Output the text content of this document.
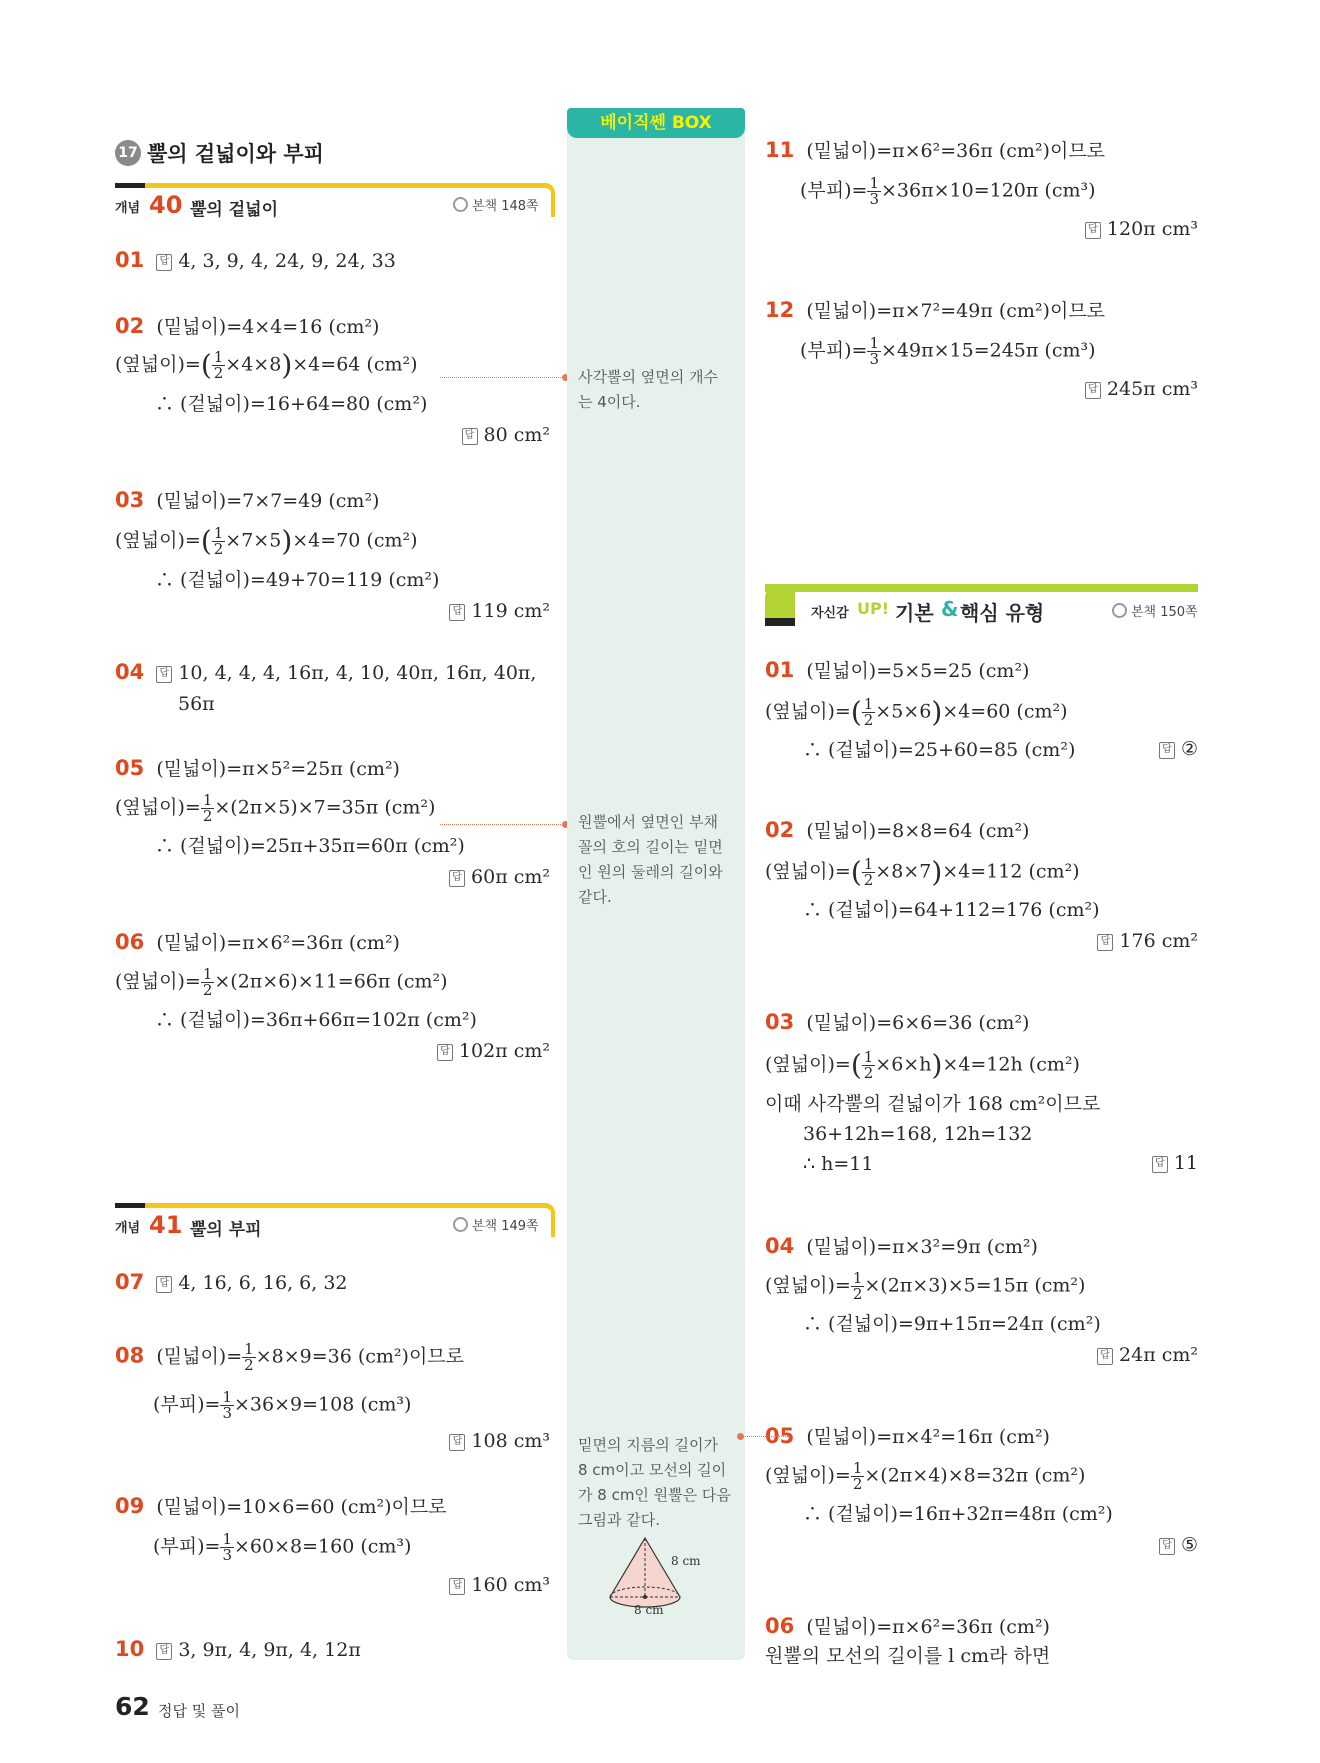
17 뿔의 겉넓이와 부피
개념 40 뿔의 겉넓이	본책 148쪽
01 답 4, 3, 9, 4, 24, 9, 24, 33
02 (밑넓이)=4×4=16 (cm²)
(옆넓이)=( $\frac{1}{2} \times 4\times 8)\times 4=64$ (cm²)
∴ (겉넓이)=16+64=80 (cm²)
답 80 cm²
03 (밑넓이)=7×7=49 (cm²)
(옆넓이)=( $\frac{1}{2} \times 7\times 5)\times 4=70$ (cm²)
∴ (겉넓이)=49+70=119 (cm²)
답 119 cm²
04 답 10, 4, 4, 4, 16π, 4, 10, 40π, 16π, 40π,
56π
05 (밑넓이)=π×5²=25π (cm²)
(옆넓이)= $\frac{1}{2} \times(2\pi\times 5)\times 7=35\pi$ (cm²)
∴ (겉넓이)=25π+35π=60π (cm²)
답 60π cm²
06 (밑넓이)=π×6²=36π (cm²)
(옆넓이)= $\frac{1}{2} \times(2\pi\times 6)\times 11=66\pi$ (cm²)
∴ (겉넓이)=36π+66π=102π (cm²)
답 102π cm²
개념 41 뿔의 부피	본책 149쪽
07 답 4, 16, 6, 16, 6, 32
08 (밑넓이)= $\frac{1}{2} \times 8\times 9=36$ (cm²)이므로
(부피)= $\frac{1}{3} \times 36\times 9=108$ (cm³)
답 108 cm³
09 (밑넓이)=10×6=60 (cm²)이므로
(부피)= $\frac{1}{3} \times 60\times 8=160$ (cm³)
답 160 cm³
10 답 3, 9π, 4, 9π, 4, 12π
62 정답 및 풀이
베이직쎈 BOX
사각뿔의 옆면의 개수
는 4이다.
원뿔에서 옆면인 부채
꼴의 호의 길이는 밑면
인 원의 둘레의 길이와
같다.
밑면의 지름의 길이가
8 cm이고 모선의 길이
가 8 cm인 원뿔은 다음
그림과 같다.
8 cm
8 cm
11 (밑넓이)=π×6²=36π (cm²)이므로
(부피)= $\frac{1}{3} \times 36\pi\times 10=120\pi$ (cm³)
답 120π cm³
12 (밑넓이)=π×7²=49π (cm²)이므로
(부피)= $\frac{1}{3} \times 49\pi\times 15=245\pi$ (cm³)
답 245π cm³
자신감 UP! 기본 & 핵심 유형	본책 150쪽
01 (밑넓이)=5×5=25 (cm²)
(옆넓이)=( $\frac{1}{2} \times 5\times 6)\times 4=60$ (cm²)
∴ (겉넓이)=25+60=85 (cm²)	답 ②
02 (밑넓이)=8×8=64 (cm²)
(옆넓이)=( $\frac{1}{2} \times 8\times 7)\times 4=112$ (cm²)
∴ (겉넓이)=64+112=176 (cm²)
답 176 cm²
03 (밑넓이)=6×6=36 (cm²)
(옆넓이)=( $\frac{1}{2} \times 6\times h)\times 4=12h$ (cm²)
이때 사각뿔의 겉넓이가 168 cm²이므로
36+12h=168, 12h=132
∴ h=11	답 11
04 (밑넓이)=π×3²=9π (cm²)
(옆넓이)= $\frac{1}{2} \times(2\pi\times 3)\times 5=15\pi$ (cm²)
∴ (겉넓이)=9π+15π=24π (cm²)
답 24π cm²
05 (밑넓이)=π×4²=16π (cm²)
(옆넓이)= $\frac{1}{2} \times(2\pi\times 4)\times 8=32\pi$ (cm²)
∴ (겉넓이)=16π+32π=48π (cm²)
답 ⑤
06 (밑넓이)=π×6²=36π (cm²)
원뿔의 모선의 길이를 l cm라 하면
